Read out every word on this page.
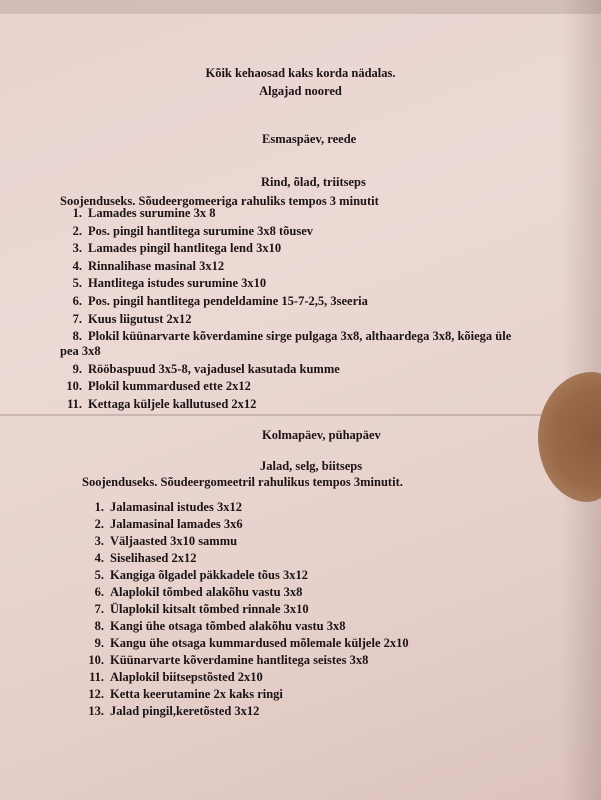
Kõik kehaosad kaks korda nädalas.
Algajad noored
Esmaspäev, reede
Rind, õlad, triitseps
Soojenduseks. Sõudeergomeeriga rahuliks tempos 3 minutit
1. Lamades surumine 3x 8
2. Pos. pingil hantlitega surumine 3x8 tõusev
3. Lamades pingil hantlitega lend 3x10
4. Rinnalihase masinal 3x12
5. Hantlitega istudes surumine 3x10
6. Pos. pingil hantlitega pendeldamine 15-7-2,5, 3seeria
7. Kuus liigutust 2x12
8. Plokil küünarvarte kõverdamine sirge pulgaga 3x8, althaardega 3x8, kõiega üle
pea 3x8
9. Rööbaspuud 3x5-8, vajadusel kasutada kumme
10. Plokil kummardused ette 2x12
11. Kettaga küljele kallutused 2x12
Kolmapäev, pühapäev
Jalad, selg, biitseps
Soojenduseks. Sõudeergomeetril rahulikus tempos 3minutit.
1. Jalamasinal istudes 3x12
2. Jalamasinal lamades 3x6
3. Väljaasted 3x10 sammu
4. Siselihased 2x12
5. Kangiga õlgadel päkkadele tõus 3x12
6. Alaplokil tõmbed alakõhu vastu 3x8
7. Ülaplokil kitsalt tõmbed rinnale 3x10
8. Kangi ühe otsaga tõmbed alakõhu vastu 3x8
9. Kangu ühe otsaga kummardused mõlemale küljele 2x10
10. Küünarvarte kõverdamine hantlitega seistes 3x8
11. Alaplokil biitsepstõsted 2x10
12. Ketta keerutamine 2x kaks ringi
13. Jalad pingil,keretõsted 3x12
